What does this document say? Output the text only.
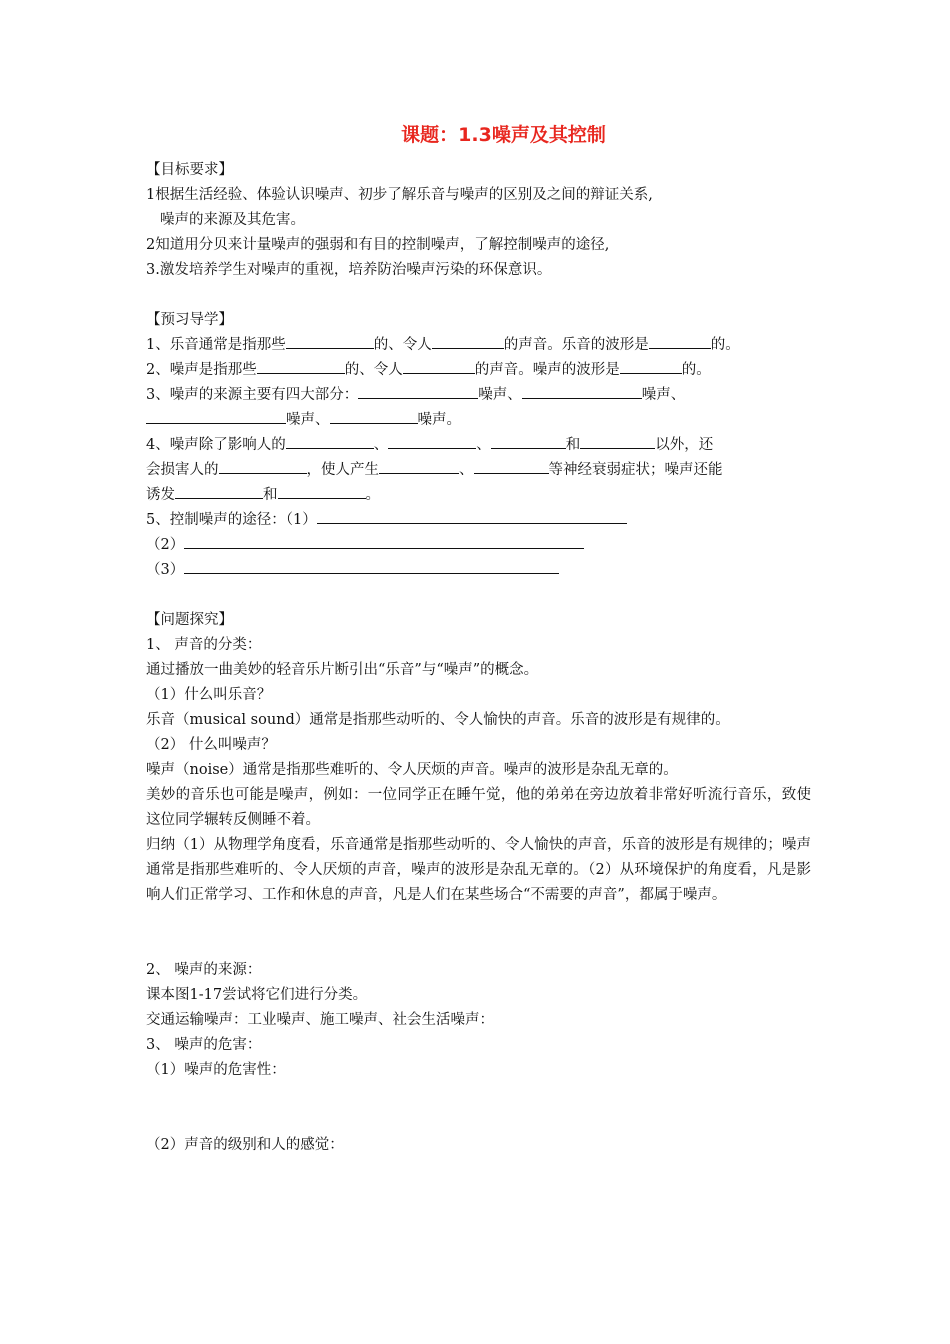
课题：1.3噪声及其控制
【目标要求】
1根据生活经验、体验认识噪声、初步了解乐音与噪声的区别及之间的辩证关系,
噪声的来源及其危害。
2知道用分贝来计量噪声的强弱和有目的控制噪声，了解控制噪声的途径,
3.激发培养学生对噪声的重视，培养防治噪声污染的环保意识。
【预习导学】
1、乐音通常是指那些	的、令人	的声音。乐音的波形是	的。
2、噪声是指那些	的、令人	的声音。噪声的波形是	的。
3、噪声的来源主要有四大部分：	噪声、	噪声、
噪声、	噪声。
4、噪声除了影响人的	、	、	和	以外，还
会损害人的	，使人产生	、	等神经衰弱症状；噪声还能
诱发	和	。
5、控制噪声的途径：（1）
（2）
（3）
【问题探究】
1、 声音的分类：
通过播放一曲美妙的轻音乐片断引出“乐音”与“噪声”的概念。
（1）什么叫乐音？
乐音（musical sound）通常是指那些动听的、令人愉快的声音。乐音的波形是有规律的。
（2） 什么叫噪声？
噪声（noise）通常是指那些难听的、令人厌烦的声音。噪声的波形是杂乱无章的。
美妙的音乐也可能是噪声，例如：一位同学正在睡午觉，他的弟弟在旁边放着非常好听流行音乐，致使这位同学辗转反侧睡不着。
归纳（1）从物理学角度看，乐音通常是指那些动听的、令人愉快的声音，乐音的波形是有规律的；噪声通常是指那些难听的、令人厌烦的声音，噪声的波形是杂乱无章的。（2）从环境保护的角度看，凡是影响人们正常学习、工作和休息的声音，凡是人们在某些场合“不需要的声音”，都属于噪声。
2、 噪声的来源：
课本图1-17尝试将它们进行分类。
交通运输噪声：工业噪声、施工噪声、社会生活噪声：
3、 噪声的危害：
（1）噪声的危害性：
（2）声音的级别和人的感觉：
